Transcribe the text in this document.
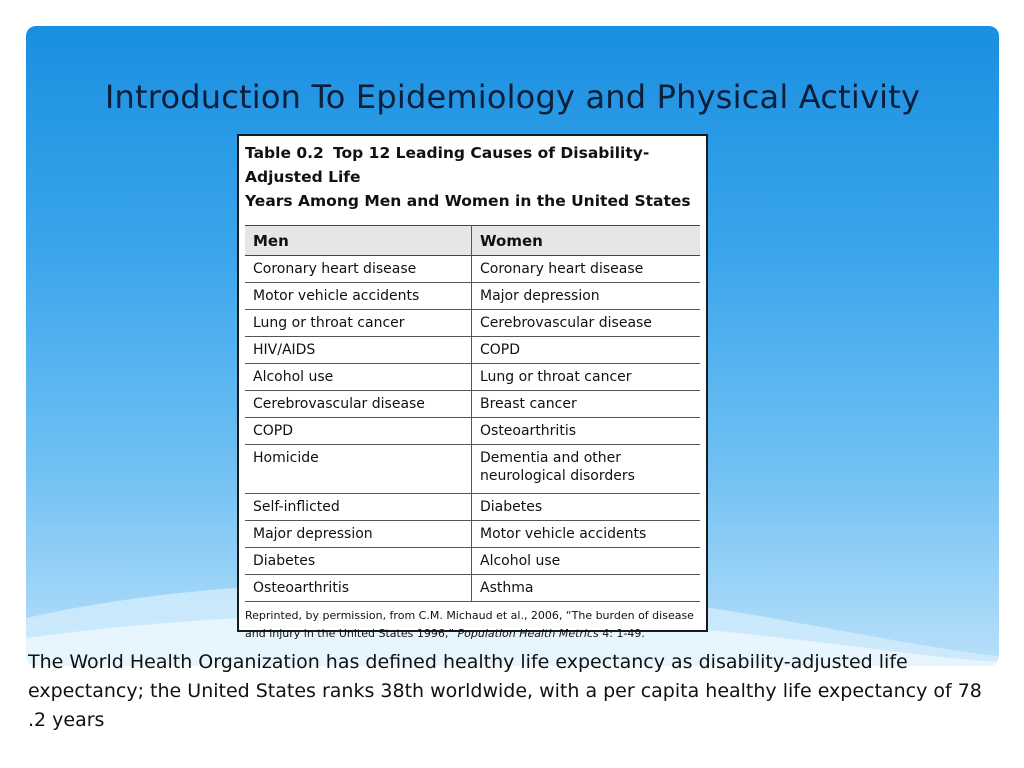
Introduction To Epidemiology and Physical Activity
Table 0.2 Top 12 Leading Causes of Disability-Adjusted Life
Years Among Men and Women in the United States
Men	Women
Coronary heart disease	Coronary heart disease
Motor vehicle accidents	Major depression
Lung or throat cancer	Cerebrovascular disease
HIV/AIDS	COPD
Alcohol use	Lung or throat cancer
Cerebrovascular disease	Breast cancer
COPD	Osteoarthritis
Homicide	Dementia and other neurological disorders
Self-inflicted	Diabetes
Major depression	Motor vehicle accidents
Diabetes	Alcohol use
Osteoarthritis	Asthma
Reprinted, by permission, from C.M. Michaud et al., 2006, “The burden of disease and injury in the United States 1996,” Population Health Metrics 4: 1-49.

The World Health Organization has defined healthy life expectancy as disability-adjusted life expectancy; the United States ranks 38th worldwide, with a per capita healthy life expectancy of 78 .2 years
